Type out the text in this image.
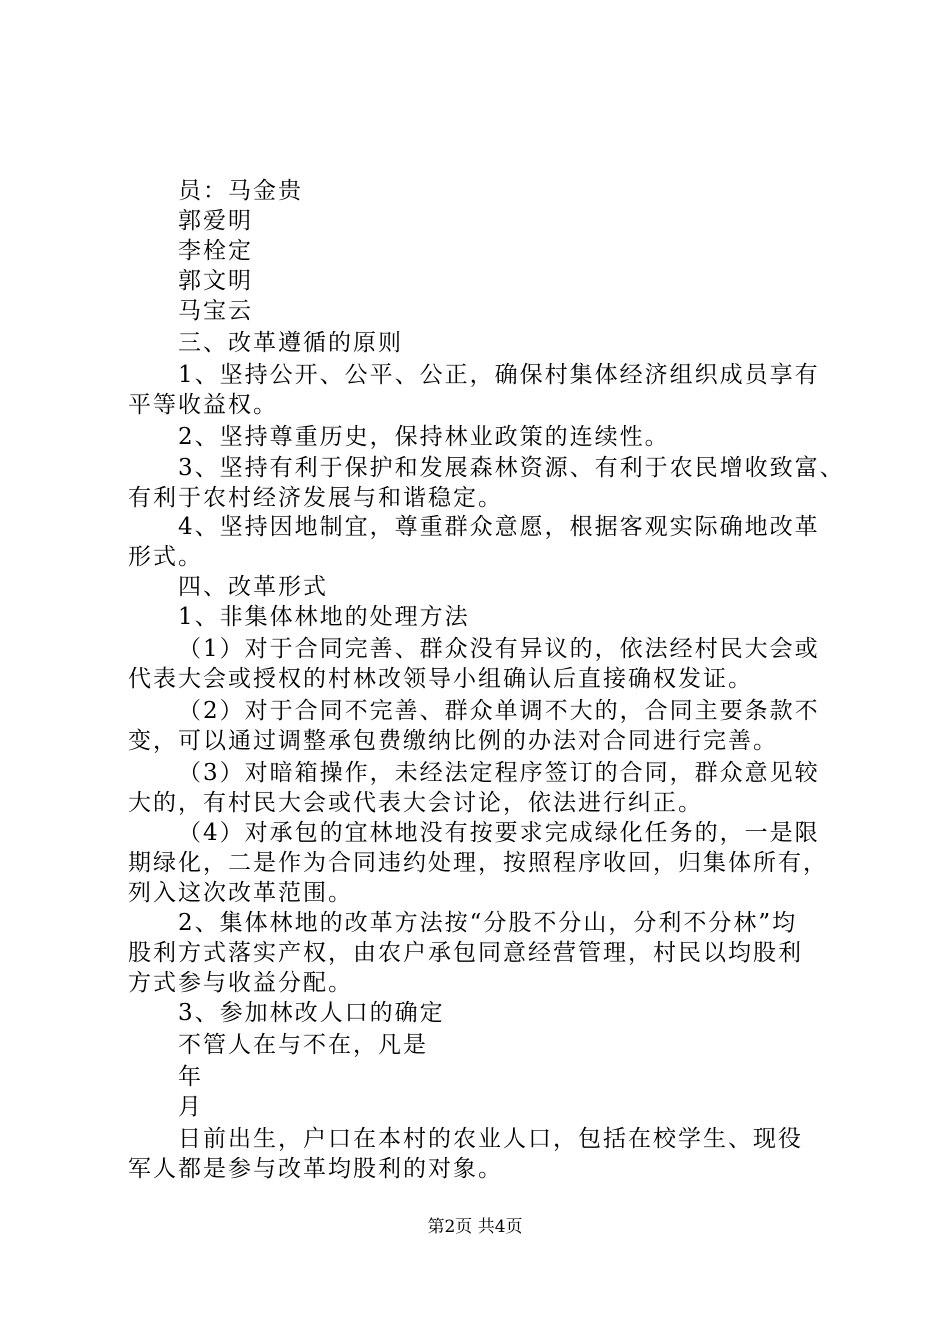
员：马金贵
郭爱明
李栓定
郭文明
马宝云
三、改革遵循的原则
1、坚持公开、公平、公正，确保村集体经济组织成员享有
平等收益权。
2、坚持尊重历史，保持林业政策的连续性。
3、坚持有利于保护和发展森林资源、有利于农民增收致富、
有利于农村经济发展与和谐稳定。
4、坚持因地制宜，尊重群众意愿，根据客观实际确地改革
形式。
四、改革形式
1、非集体林地的处理方法
（1）对于合同完善、群众没有异议的，依法经村民大会或
代表大会或授权的村林改领导小组确认后直接确权发证。
（2）对于合同不完善、群众单调不大的，合同主要条款不
变，可以通过调整承包费缴纳比例的办法对合同进行完善。
（3）对暗箱操作，未经法定程序签订的合同，群众意见较
大的，有村民大会或代表大会讨论，依法进行纠正。
（4）对承包的宜林地没有按要求完成绿化任务的，一是限
期绿化，二是作为合同违约处理，按照程序收回，归集体所有，
列入这次改革范围。
2、集体林地的改革方法按“分股不分山，分利不分林”均
股利方式落实产权，由农户承包同意经营管理，村民以均股利
方式参与收益分配。
3、参加林改人口的确定
不管人在与不在，凡是
年
月
日前出生，户口在本村的农业人口，包括在校学生、现役
军人都是参与改革均股利的对象。
第2页 共4页
